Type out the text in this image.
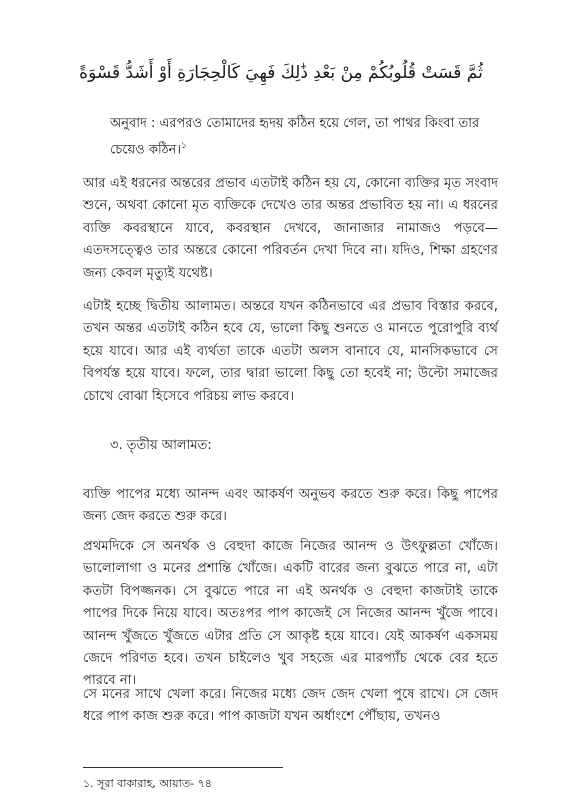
ثُمَّ قَسَتْ قُلُوبُكُمْ مِنْ بَعْدِ ذَٰلِكَ فَهِيَ كَالْحِجَارَةِ أَوْ أَشَدُّ قَسْوَةً
অনুবাদ : এরপরও তোমাদের হৃদয় কঠিন হয়ে গেল, তা পাথর কিংবা তার চেয়েও কঠিন।$^১$

আর এই ধরনের অন্তরের প্রভাব এতটাই কঠিন হয় যে, কোনো ব্যক্তির মৃত সংবাদ শুনে, অথবা কোনো মৃত ব্যক্তিকে দেখেও তার অন্তর প্রভাবিত হয় না। এ ধরনের ব্যক্তি কবরস্থানে যাবে, কবরস্থান দেখবে, জানাজার নামাজও পড়বে—এতদসত্ত্বেও তার অন্তরে কোনো পরিবর্তন দেখা দিবে না। যদিও, শিক্ষা গ্রহণের জন্য কেবল মৃত্যুই যথেষ্ট।

এটাই হচ্ছে দ্বিতীয় আলামত। অন্তরে যখন কঠিনভাবে এর প্রভাব বিস্তার করবে, তখন অন্তর এতটাই কঠিন হবে যে, ভালো কিছু শুনতে ও মানতে পুরোপুরি ব্যর্থ হয়ে যাবে। আর এই ব্যর্থতা তাকে এতটা অলস বানাবে যে, মানসিকভাবে সে বিপর্যস্ত হয়ে যাবে। ফলে, তার দ্বারা ভালো কিছু তো হবেই না; উল্টো সমাজের চোখে বোঝা হিসেবে পরিচয় লাভ করবে।

৩. তৃতীয় আলামত:

ব্যক্তি পাপের মধ্যে আনন্দ এবং আকর্ষণ অনুভব করতে শুরু করে। কিছু পাপের জন্য জেদ করতে শুরু করে।

প্রথমদিকে সে অনর্থক ও বেহুদা কাজে নিজের আনন্দ ও উৎফুল্লতা খোঁজে। ভালোলাগা ও মনের প্রশান্তি খোঁজে। একটি বারের জন্য বুঝতে পারে না, এটা কতটা বিপজ্জনক। সে বুঝতে পারে না এই অনর্থক ও বেহুদা কাজটাই তাকে পাপের দিকে নিয়ে যাবে। অতঃপর পাপ কাজেই সে নিজের আনন্দ খুঁজে পাবে। আনন্দ খুঁজতে খুঁজতে এটার প্রতি সে আকৃষ্ট হয়ে যাবে। যেই আকর্ষণ একসময় জেদে পরিণত হবে। তখন চাইলেও খুব সহজে এর মারপ্যাঁচ থেকে বের হতে পারবে না।

সে মনের সাথে খেলা করে। নিজের মধ্যে জেদ জেদ খেলা পুষে রাখে। সে জেদ ধরে পাপ কাজ শুরু করে। পাপ কাজটা যখন অর্ধাংশে পৌঁছায়, তখনও

১. সূরা বাকারাহ, আয়াত- ৭৪
